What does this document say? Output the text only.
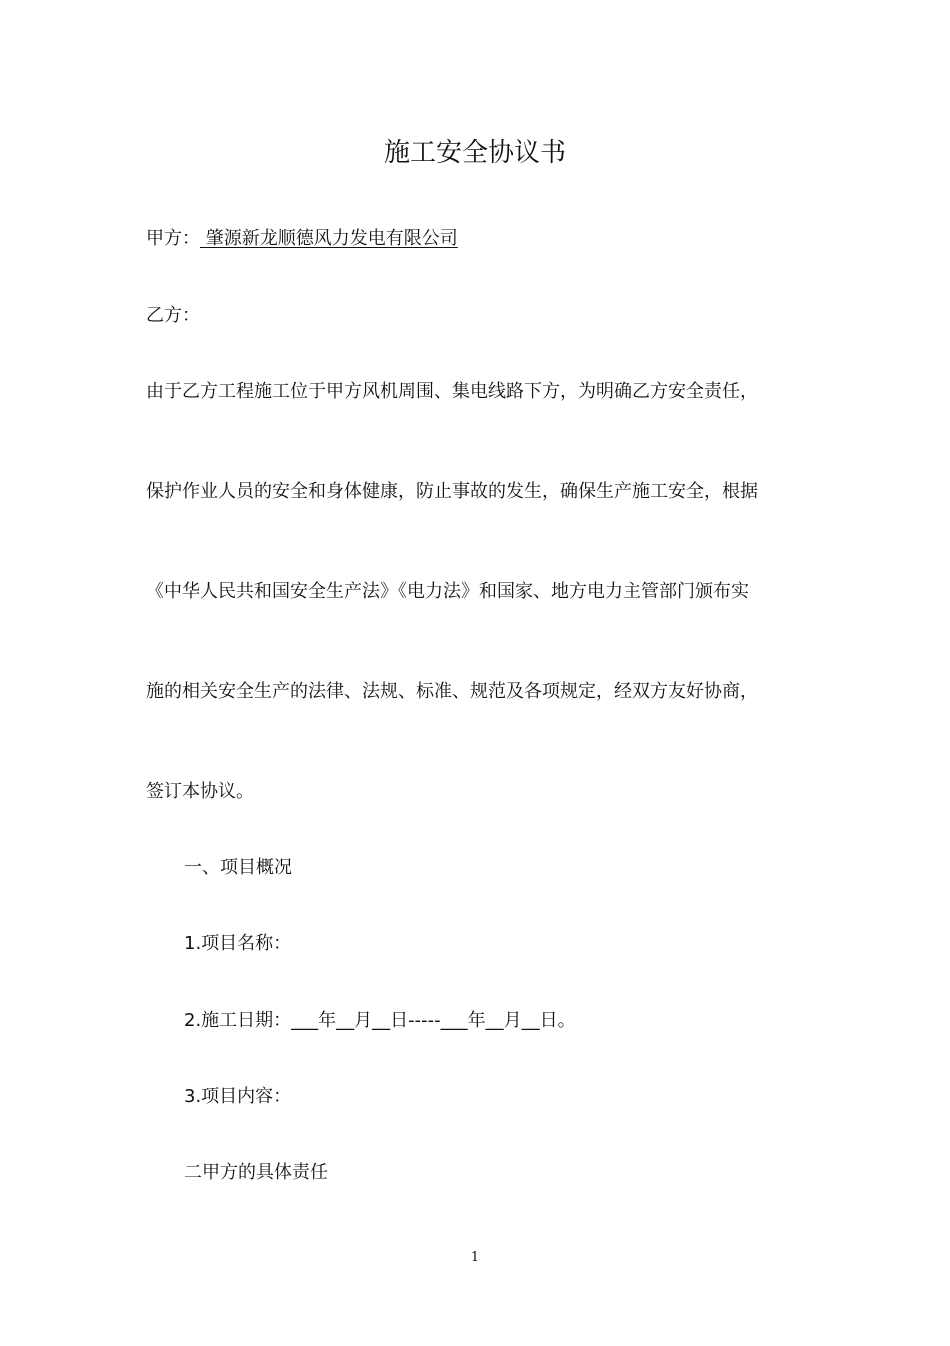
施工安全协议书
甲方： 肇源新龙顺德风力发电有限公司
乙方：
由于乙方工程施工位于甲方风机周围、集电线路下方，为明确乙方安全责任，
保护作业人员的安全和身体健康，防止事故的发生，确保生产施工安全，根据
《中华人民共和国安全生产法》《电力法》和国家、地方电力主管部门颁布实
施的相关安全生产的法律、法规、标准、规范及各项规定，经双方友好协商，
签订本协议。
一、项目概况
1.项目名称：
2.施工日期：___年__月__日-----___年__月__日。
3.项目内容：
二甲方的具体责任
1
